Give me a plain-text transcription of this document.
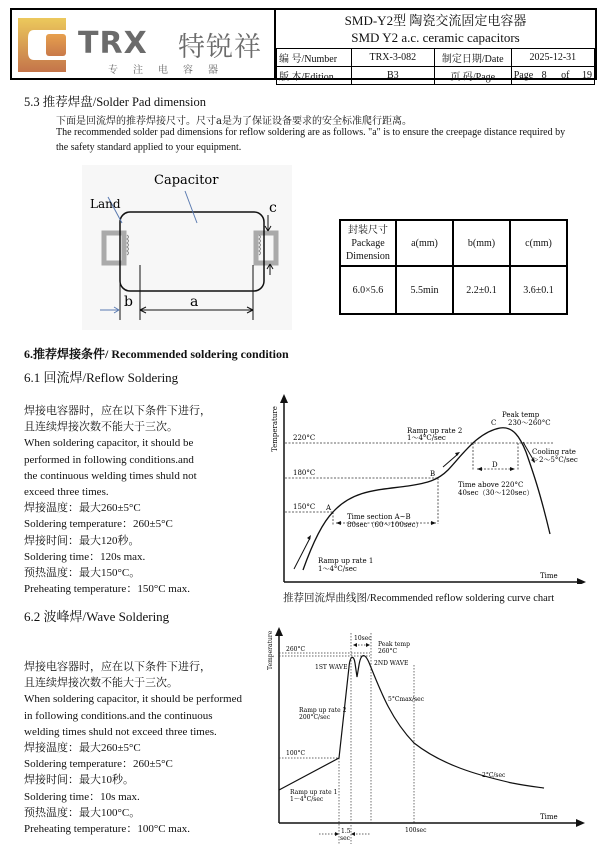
TRX 特锐祥
专注电容器
SMD-Y2型 陶瓷交流固定电容器
SMD Y2 a.c. ceramic capacitors
编 号/Number	TRX-3-082	制定日期/Date	2025-12-31
版 本/Edition	B3	页 码/Page	Page 8 of 19
5.3 推荐焊盘/Solder Pad dimension
下面是回流焊的推荐焊接尺寸。尺寸a是为了保证设备要求的安全标准爬行距离。
The recommended solder pad dimensions for reflow soldering are as follows. "a" is to ensure the creepage distance required by the safety standard applied to your equipment.
Capacitor
Land	c
b	a
封装尺寸
Package
Dimension	a(mm)	b(mm)	c(mm)
6.0×5.6	5.5min	2.2±0.1	3.6±0.1
6.推荐焊接条件/ Recommended soldering condition
6.1 回流焊/Reflow Soldering
焊接电容器时，应在以下条件下进行，
且连续焊接次数不能大于三次。
When soldering capacitor, it should be
performed in following conditions.and
the continuous welding times shuld not
exceed three times.
焊接温度：最大260±5°C
Soldering temperature：260±5°C
焊接时间：最大120秒。
Soldering time：120s max.
预热温度：最大150°C。
Preheating temperature：150°C max.
Temperature
Time
220°C
180°C
150°C A
B
C
D
Peak temp
230～260°C
Ramp up rate 2
1～4°C/sec
Cooling rate
＞2～5°C/sec
Time above 220°C
40sec（30～120sec）
Time section A~B
80sec（60～100sec）
Ramp up rate 1
1～4°C/sec
推荐回流焊曲线图/Recommended reflow soldering curve chart
6.2 波峰焊/Wave Soldering
焊接电容器时，应在以下条件下进行，
且连续焊接次数不能大于三次。
When soldering capacitor, it should be performed
in following conditions.and the continuous
welding times shuld not exceed three times.
焊接温度：最大260±5°C
Soldering temperature：260±5°C
焊接时间：最大10秒。
Soldering time：10s max.
预热温度：最大100°C。
Preheating temperature：100°C max.
Temperature
Time
260°C
100°C
10sec
Peak temp
260°C
1ST WAVE
2ND WAVE
5°Cmax/sec
2°C/sec
Ramp up rate 2
200°C/sec
Ramp up rate 1
1～4°C/sec
100sec
1.5
sec
